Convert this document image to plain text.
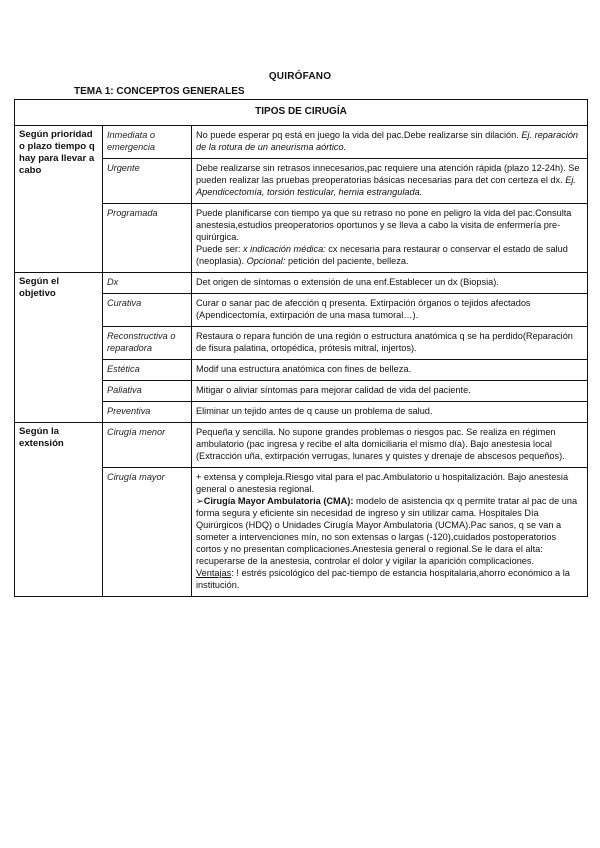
QUIRÓFANO
TEMA 1: CONCEPTOS GENERALES
TIPOS DE CIRUGÍA		
Según prioridad o plazo tiempo q hay para llevar a cabo	Inmediata o emergencia	No puede esperar pq está en juego la vida del pac.Debe realizarse sin dilación. Ej. reparación de la rotura de un aneurisma aórtico.
	Urgente	Debe realizarse sin retrasos innecesarios,pac requiere una atención rápida (plazo 12-24h). Se pueden realizar las pruebas preoperatorias básicas necesarias para det con certeza el dx. Ej. Apendicectomía, torsión testicular, hernia estrangulada.
	Programada	Puede planificarse con tiempo ya que su retraso no pone en peligro la vida del pac.Consulta anestesia,estudios preoperatorios oportunos y se lleva a cabo la visita de enfermería pre-quirúrgica.
Puede ser: x indicación médica: cx necesaria para restaurar o conservar el estado de salud (neoplasia). Opcional: petición del paciente, belleza.
Según el objetivo	Dx	Det origen de síntomas o extensión de una enf.Establecer un dx (Biopsia).
	Curativa	Curar o sanar pac de afección q presenta. Extirpación órganos o tejidos afectados (Apendicectomía, extirpación de una masa tumoral…).
	Reconstructiva o reparadora	Restaura o repara función de una región o estructura anatómica q se ha perdido(Reparación de fisura palatina, ortopédica, prótesis mitral, injertos).
	Estética	Modif una estructura anatómica con fines de belleza.
	Paliativa	Mitigar o aliviar síntomas para mejorar calidad de vida del paciente.
	Preventiva	Eliminar un tejido antes de q cause un problema de salud.
Según la extensión	Cirugía menor	Pequeña y sencilla. No supone grandes problemas o riesgos pac. Se realiza en régimen ambulatorio (pac ingresa y recibe el alta domiciliaria el mismo día). Bajo anestesia local (Extracción uña, extirpación verrugas, lunares y quistes y drenaje de abscesos pequeños).
	Cirugía mayor	+ extensa y compleja.Riesgo vital para el pac.Ambulatorio u hospitalización. Bajo anestesia general o anestesia regional.
➢Cirugía Mayor Ambulatoria (CMA): modelo de asistencia qx q permite tratar al pac de una forma segura y eficiente sin necesidad de ingreso y sin utilizar cama. Hospitales Día Quirúrgicos (HDQ) o Unidades Cirugía Mayor Ambulatoria (UCMA).Pac sanos, q se van a someter a intervenciones mín, no son extensas o largas (-120),cuidados postoperatorios cortos y no presentan complicaciones.Anestesia general o regional.Se le dara el alta: recuperarse de la anestesia, controlar el dolor y vigilar la aparición complicaciones.
Ventajas: ! estrés psicológico del pac-tiempo de estancia hospitalaria,ahorro económico a la institución.
